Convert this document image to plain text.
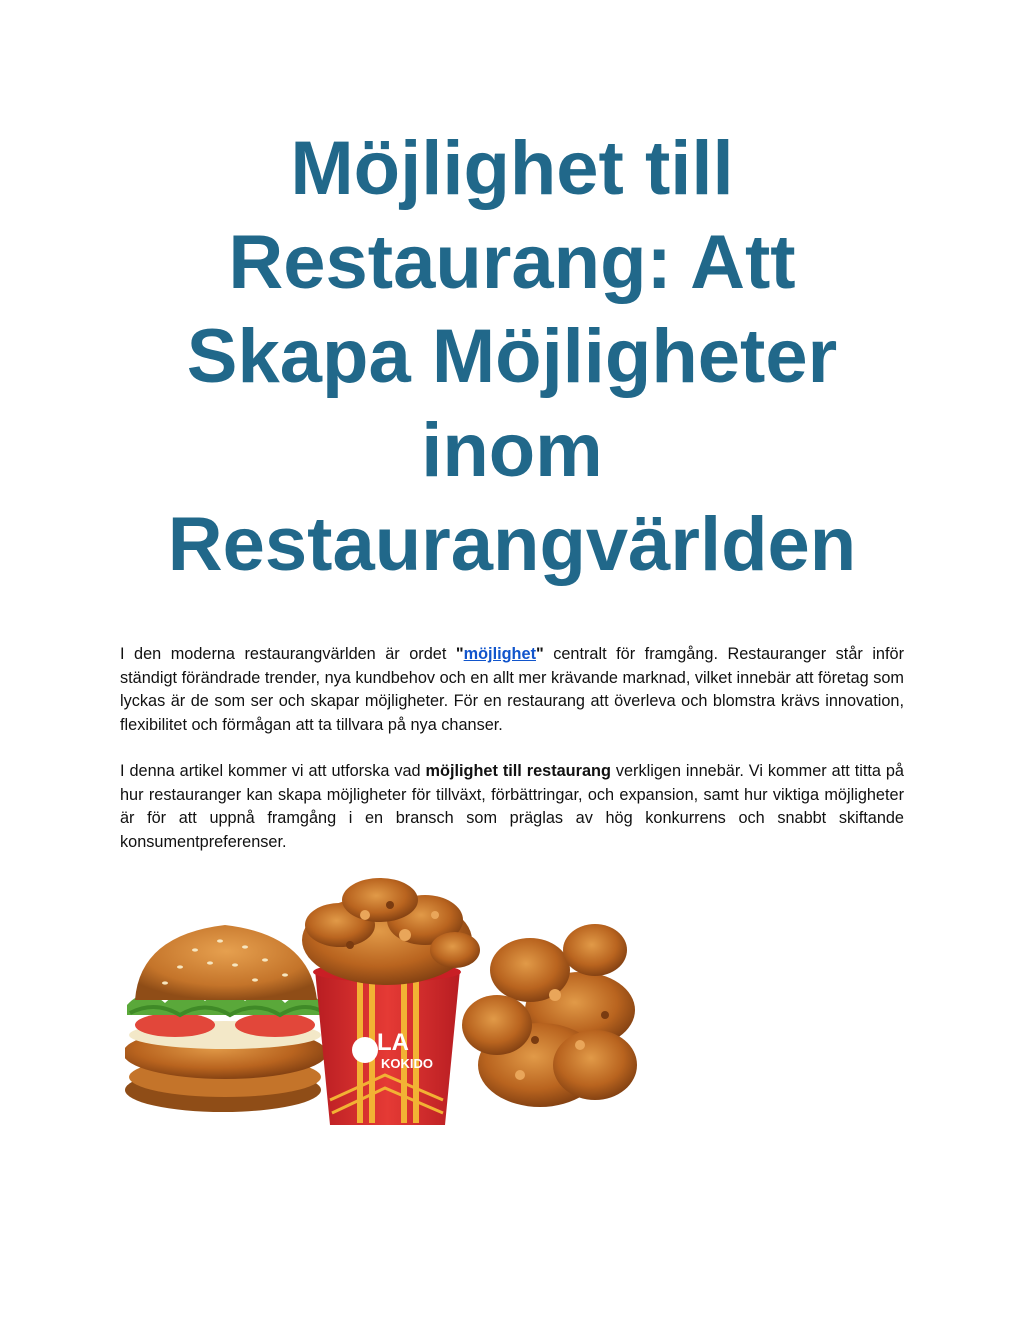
Möjlighet till
Restaurang: Att
Skapa Möjligheter
inom
Restaurangvärlden

I den moderna restaurangvärlden är ordet "möjlighet" centralt för framgång. Restauranger står inför ständigt förändrade trender, nya kundbehov och en allt mer krävande marknad, vilket innebär att företag som lyckas är de som ser och skapar möjligheter. För en restaurang att överleva och blomstra krävs innovation, flexibilitet och förmågan att ta tillvara på nya chanser.

I denna artikel kommer vi att utforska vad möjlighet till restaurang verkligen innebär. Vi kommer att titta på hur restauranger kan skapa möjligheter för tillväxt, förbättringar, och expansion, samt hur viktiga möjligheter är för att uppnå framgång i en bransch som präglas av hög konkurrens och snabbt skiftande konsumentpreferenser.

LA
KOKIDO
